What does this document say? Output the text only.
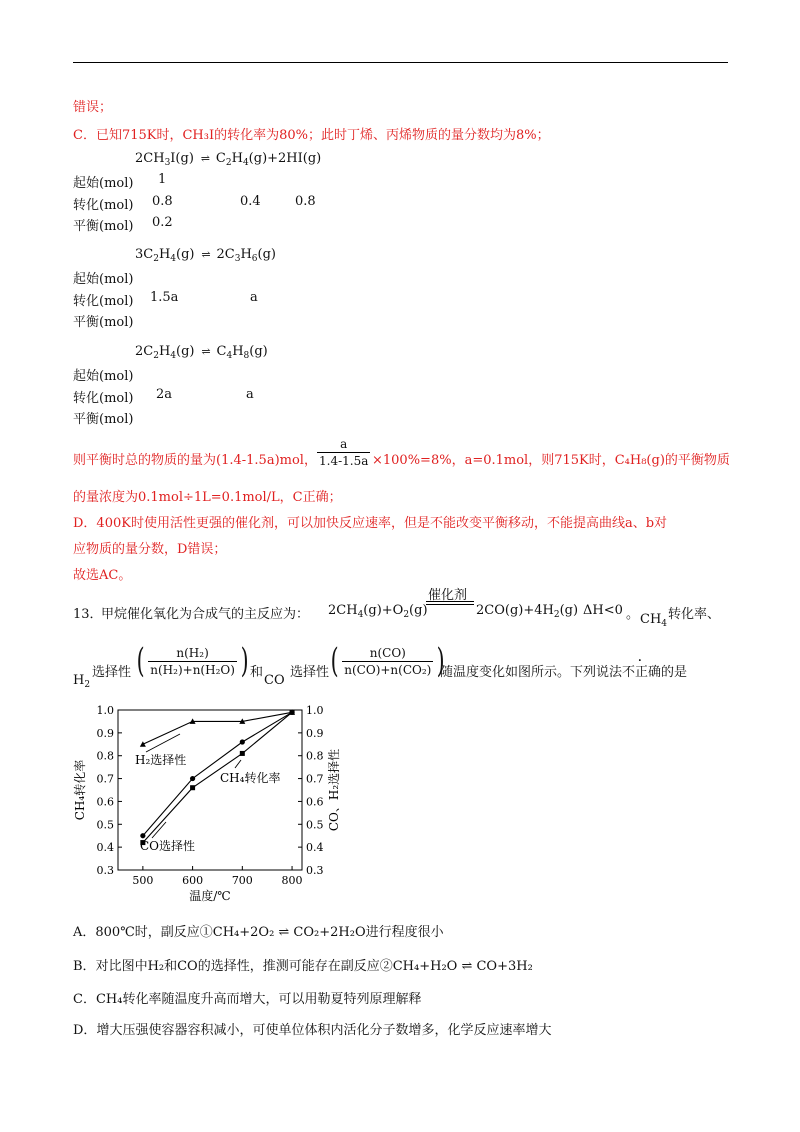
错误；
C．已知715K时，CH₃I的转化率为80%；此时丁烯、丙烯物质的量分数均为8%；
$2CH_3I(g)$ ⇌ $C_2H_4(g)+2HI(g)$
起始(mol) 1
转化(mol) 0.8	0.4	0.8
平衡(mol) 0.2
$3C_2H_4(g)$ ⇌ $2C_3H_6(g)$
起始(mol)
转化(mol) 1.5a	a
平衡(mol)
$2C_2H_4(g)$ ⇌ $C_4H_8(g)$
起始(mol)
转化(mol) 2a	a
平衡(mol)
则平衡时总的物质的量为(1.4-1.5a)mol， $\frac{a}{1.4-1.5a} \times 100\%=8\%$，a=0.1mol，则715K时，C₄H₈(g)的平衡物质
的量浓度为0.1mol÷1L=0.1mol/L，C正确；
D．400K时使用活性更强的催化剂，可以加快反应速率，但是不能改变平衡移动，不能提高曲线a、b对
应物质的量分数，D错误；
故选AC。
13．
甲烷催化氧化为合成气的主反应为： $2CH_4(g)+O_2(g)$
催化剂
$2CO(g)+4H_2(g)$ ΔH<0 。 $CH_4$
转化率、
选择性
$H_2$
( $\frac{\text{n(H₂)}}{\text{n(H₂)+n(H₂O)}}$ ) 和
CO
选择性 ( $\frac{n(CO)}{\text{n(CO)+n(CO₂)}}$ )
随温度变化如图所示。下列说法不正确的是
0.3
0.4
0.5
0.6
0.7
0.8
0.9
1.0
0.3
0.4
0.5
0.6
0.7
0.8
0.9
1.0
500	600	700	800
温度/℃
CH₄转化率	CO、H₂选择性
H₂选择性
CH₄转化率
CO选择性
A．800℃时，副反应①CH₄+2O₂ ⇌ CO₂+2H₂O进行程度很小
B．对比图中H₂和CO的选择性，推测可能存在副反应②CH₄+H₂O ⇌ CO+3H₂
C．CH₄转化率随温度升高而增大，可以用勒夏特列原理解释
D．增大压强使容器容积减小，可使单位体积内活化分子数增多，化学反应速率增大
